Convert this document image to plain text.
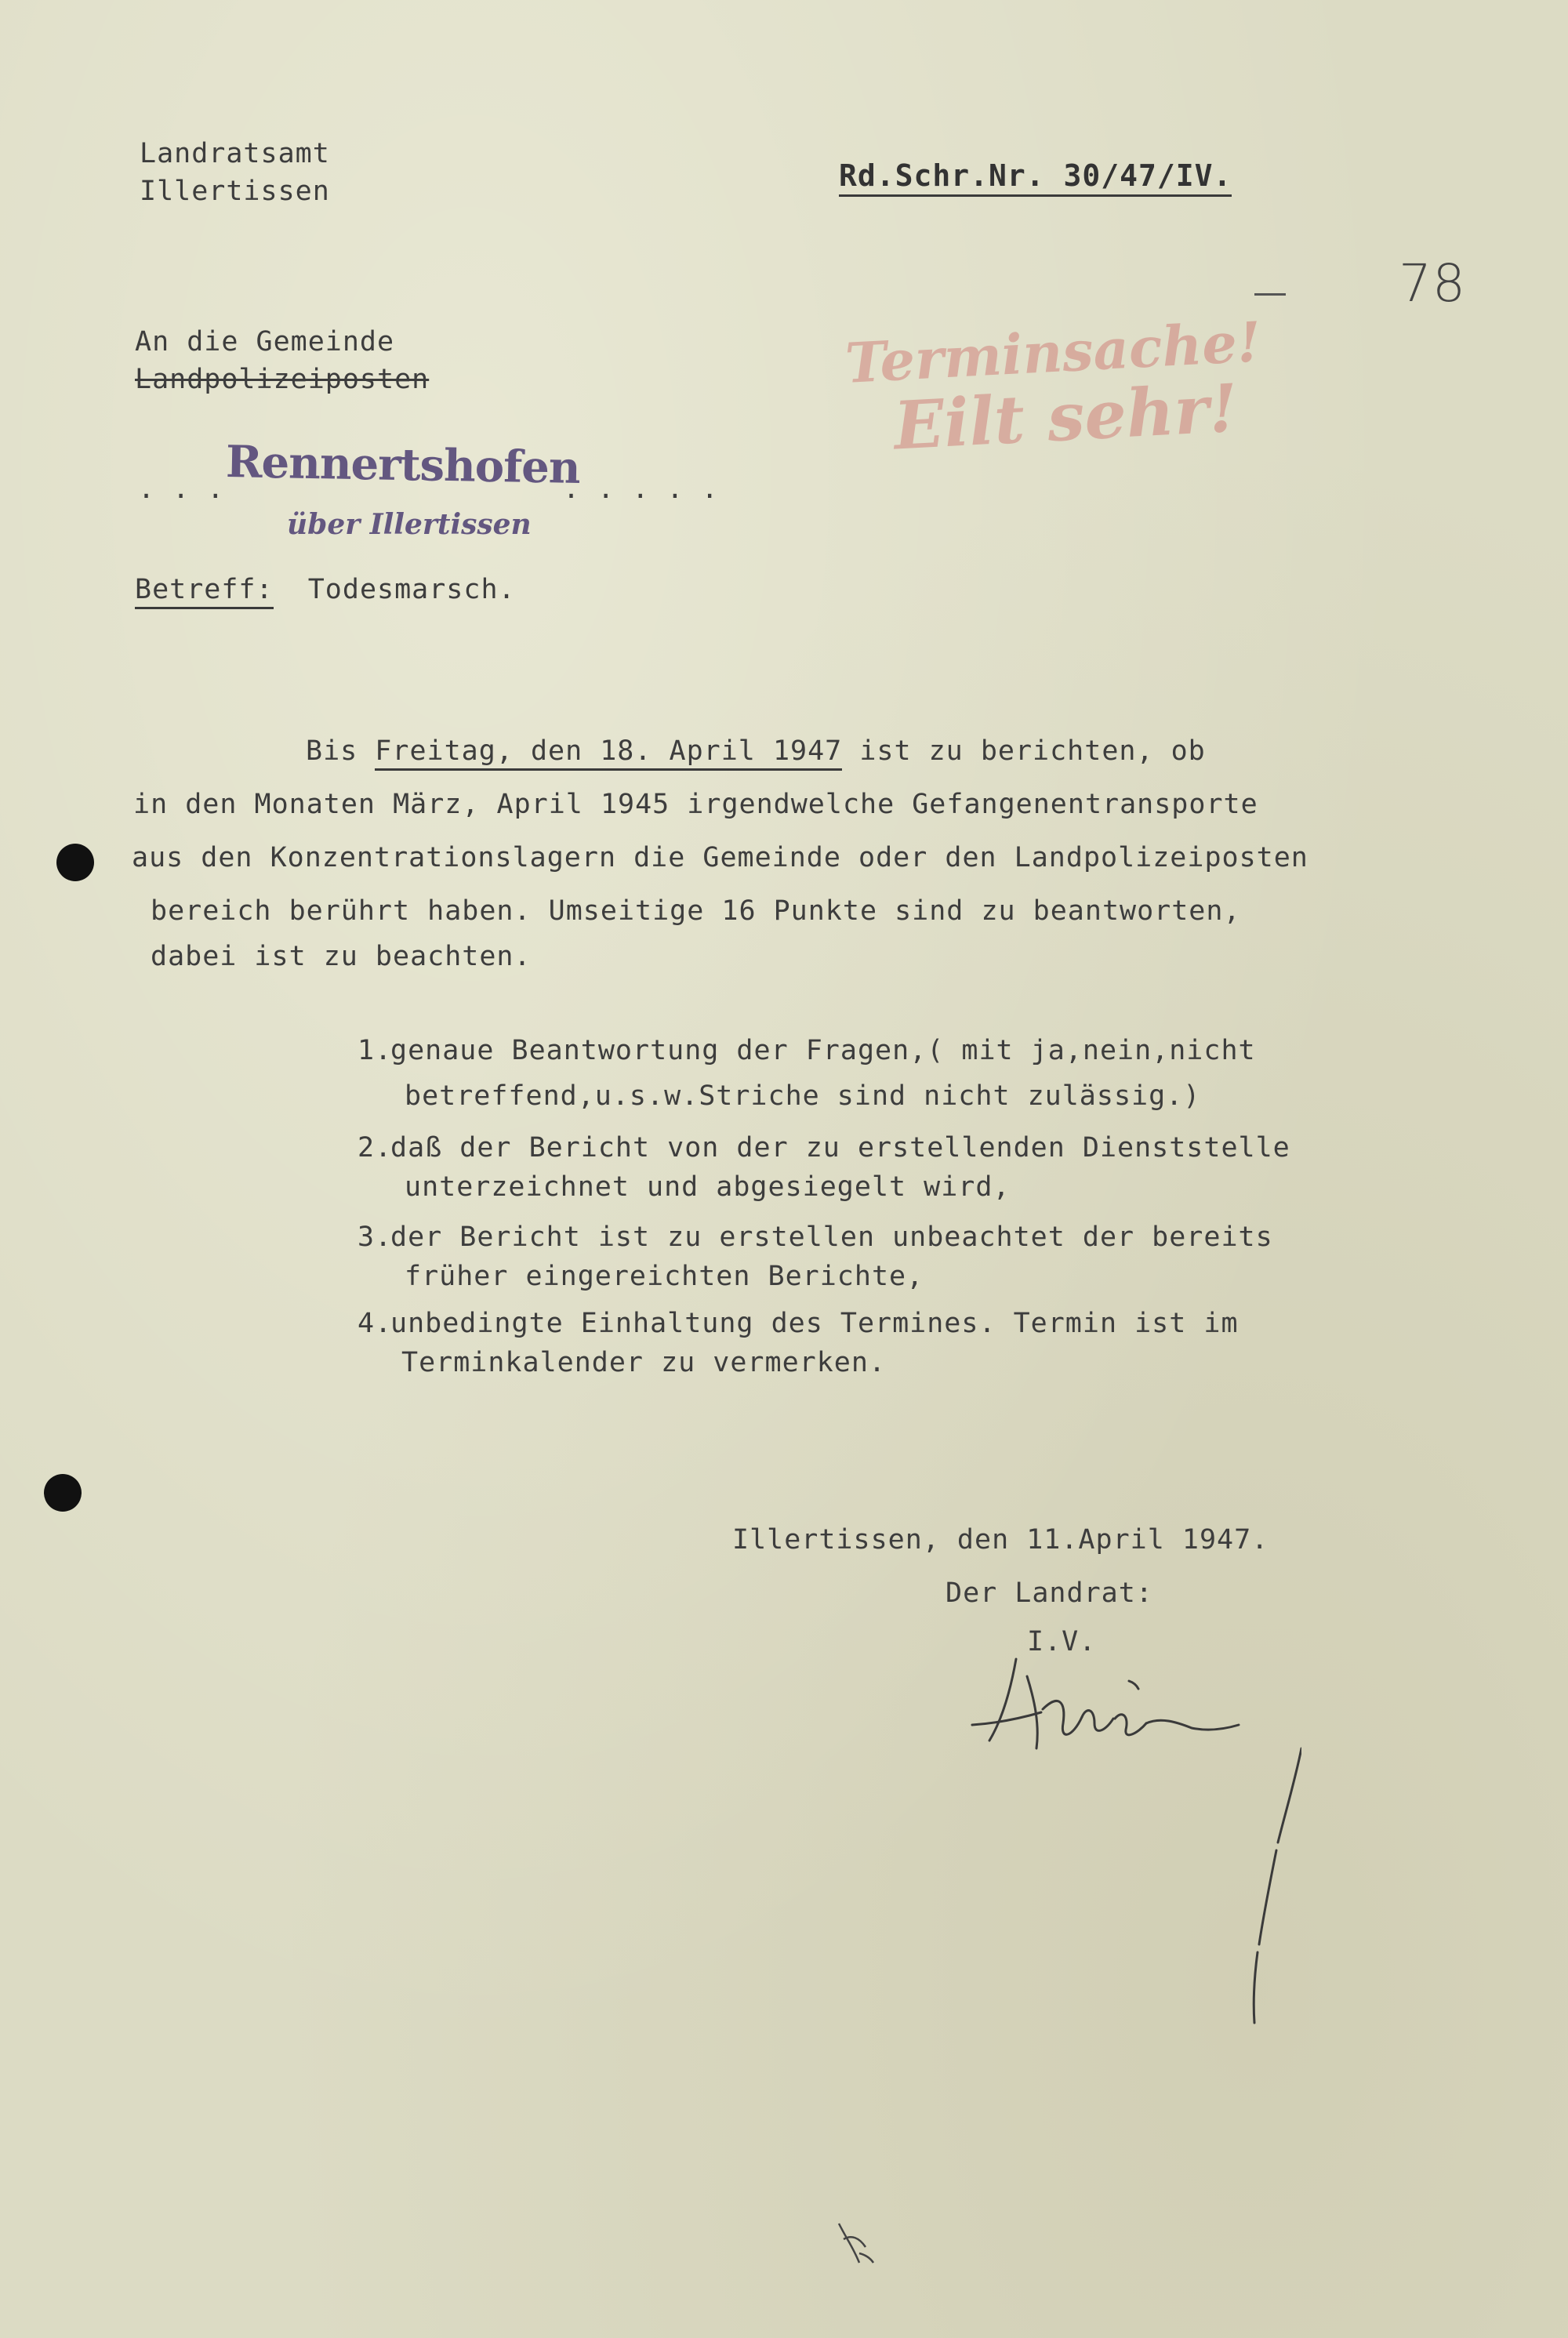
Landratsamt
Illertissen	Rd.Schr.Nr. 30/47/IV.
78
An die Gemeinde
Landpolizeiposten
. . .	. . . . .
Rennertshofen
über Illertissen
Terminsache!
Eilt sehr!
Betreff: Todesmarsch.
Bis Freitag, den 18. April 1947 ist zu berichten, ob
in den Monaten März, April 1945 irgendwelche Gefangenentransporte
aus den Konzentrationslagern die Gemeinde oder den Landpolizeiposten
bereich berührt haben. Umseitige 16 Punkte sind zu beantworten,
dabei ist zu beachten.
1.
genaue Beantwortung der Fragen,( mit ja,nein,nicht
betreffend,u.s.w.Striche sind nicht zulässig.)
2.
daß der Bericht von der zu erstellenden Dienststelle
unterzeichnet und abgesiegelt wird,
3.
der Bericht ist zu erstellen unbeachtet der bereits
früher eingereichten Berichte,
4.
unbedingte Einhaltung des Termines. Termin ist im
Terminkalender zu vermerken.
Illertissen, den 11.April 1947.
Der Landrat:
I.V.
